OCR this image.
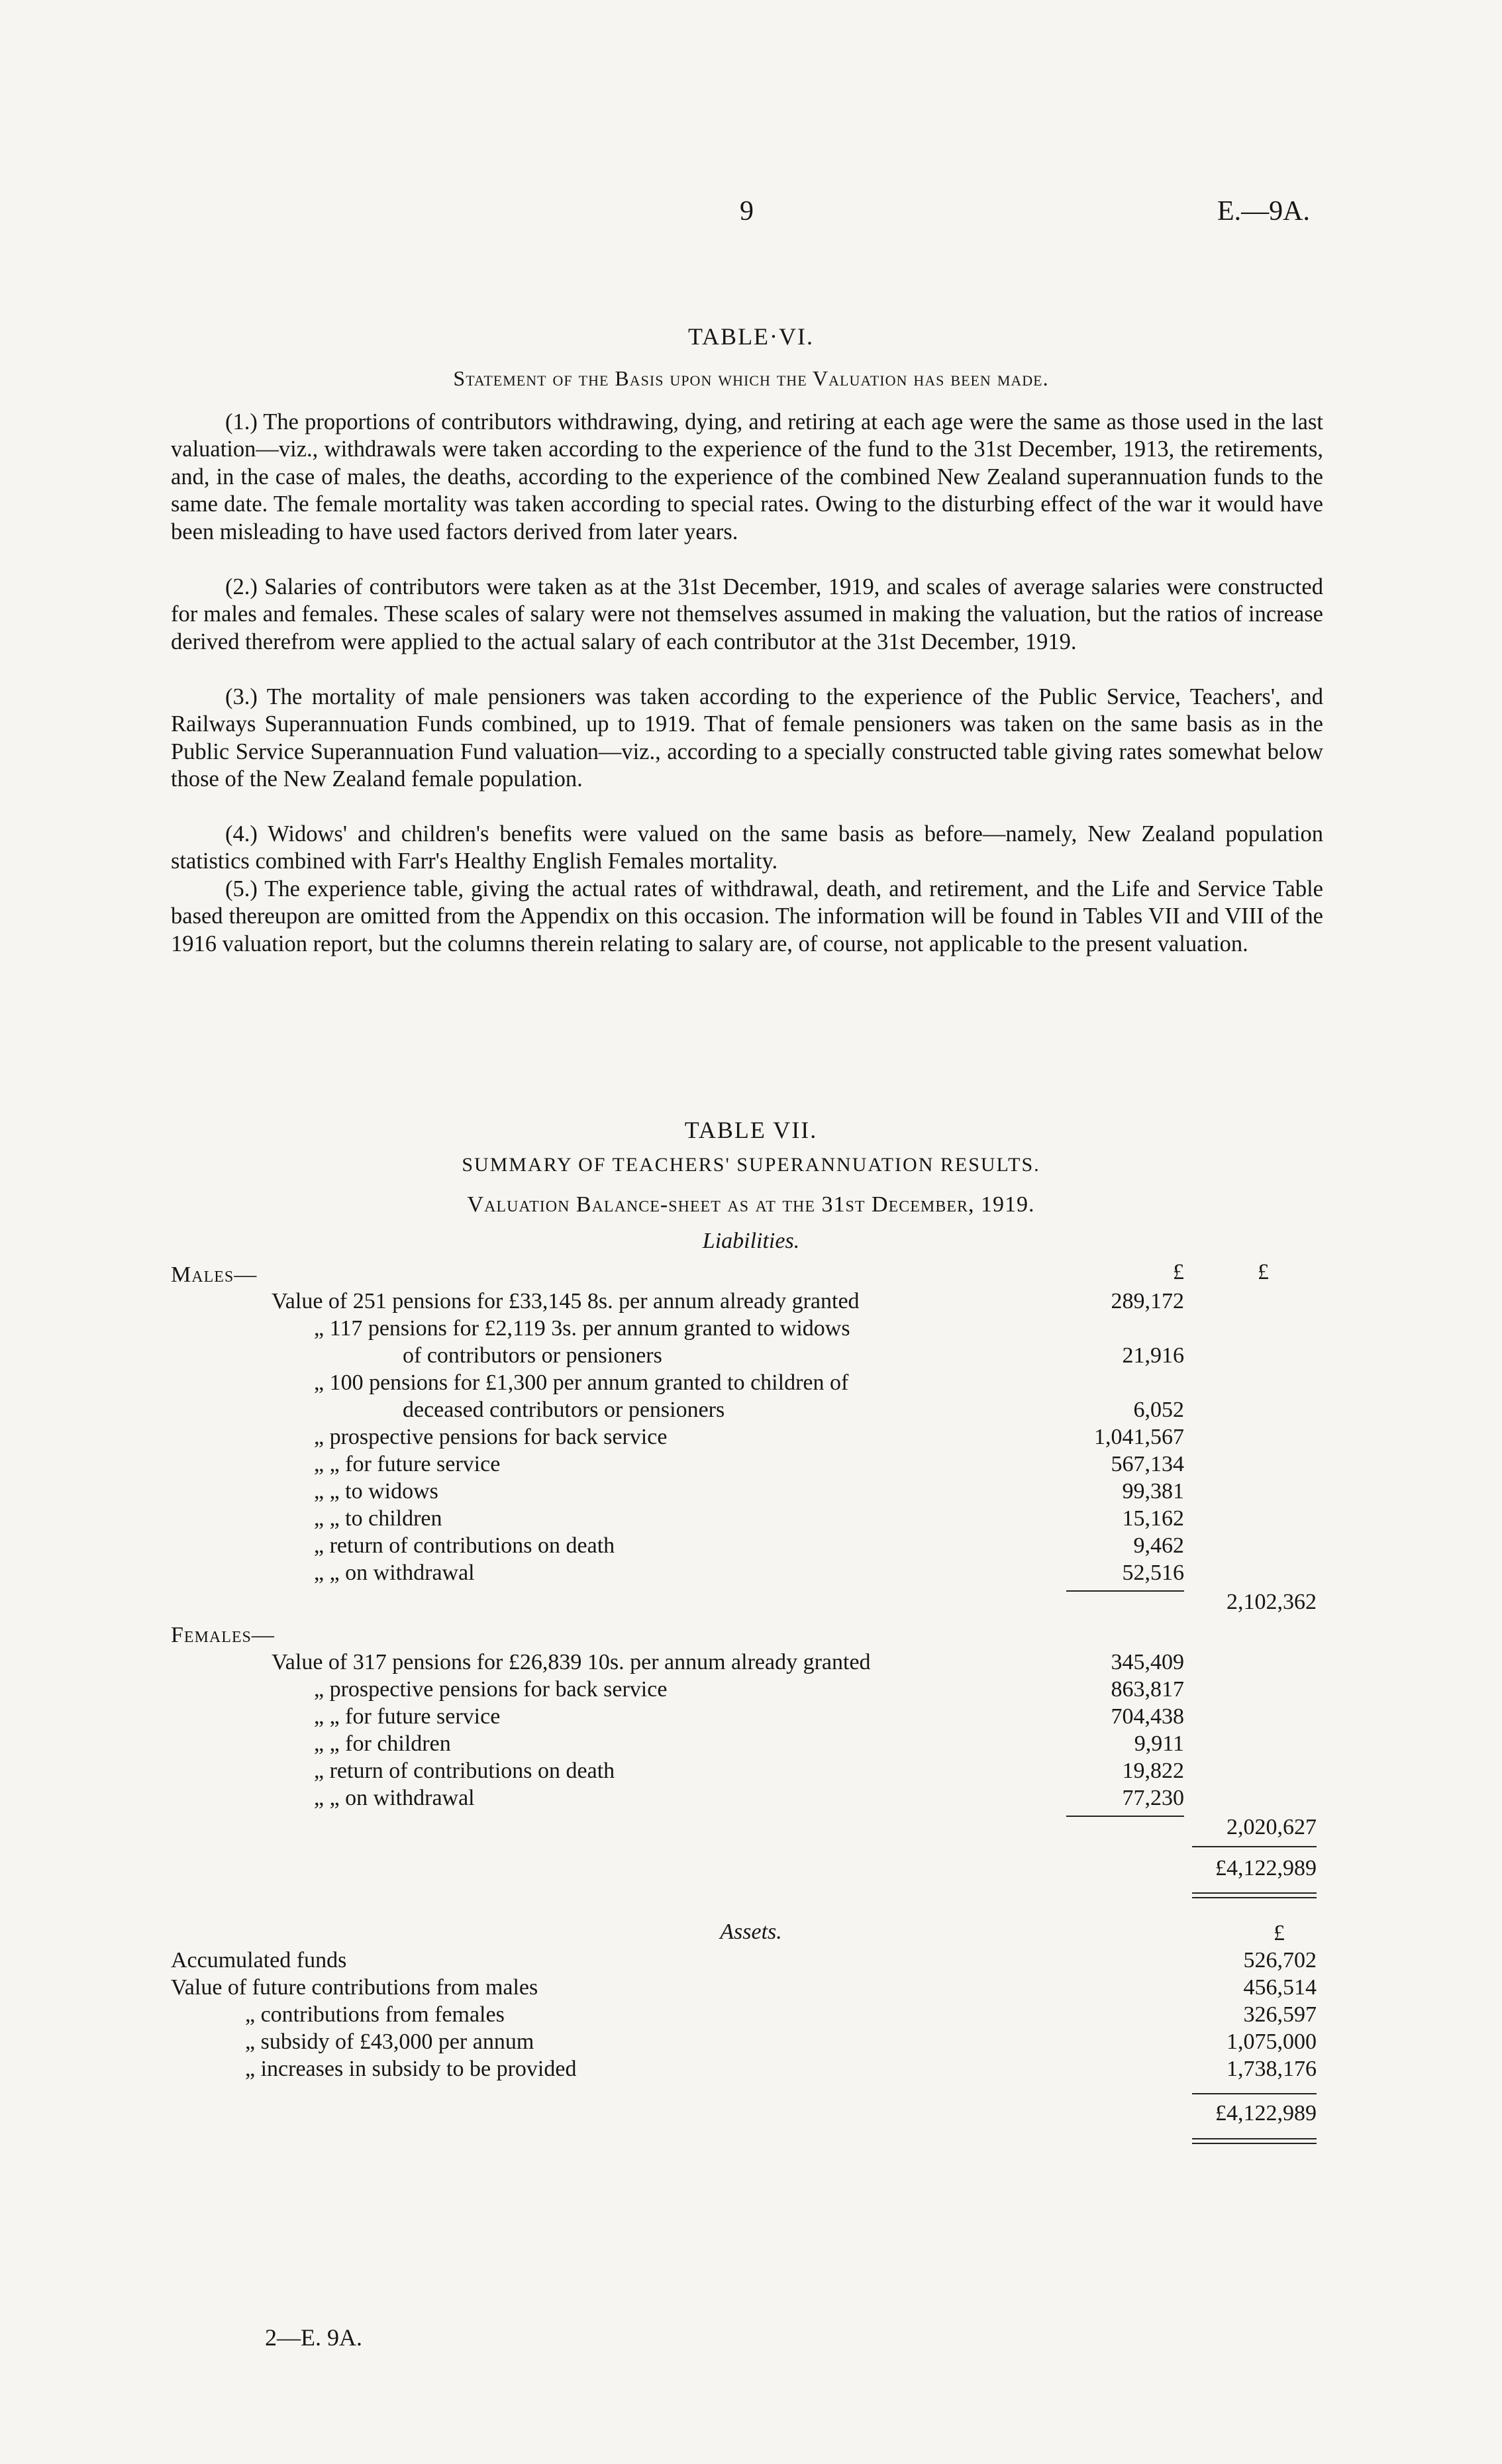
9	E.—9A.
TABLE·VI.
Statement of the Basis upon which the Valuation has been made.

(1.) The proportions of contributors withdrawing, dying, and retiring at each age were the same as those used in the last valuation—viz., withdrawals were taken according to the experience of the fund to the 31st December, 1913, the retirements, and, in the case of males, the deaths, according to the experience of the combined New Zealand superannuation funds to the same date. The female mortality was taken according to special rates. Owing to the disturbing effect of the war it would have been misleading to have used factors derived from later years.

(2.) Salaries of contributors were taken as at the 31st December, 1919, and scales of average salaries were constructed for males and females. These scales of salary were not themselves assumed in making the valuation, but the ratios of increase derived therefrom were applied to the actual salary of each contributor at the 31st December, 1919.

(3.) The mortality of male pensioners was taken according to the experience of the Public Service, Teachers', and Railways Superannuation Funds combined, up to 1919. That of female pensioners was taken on the same basis as in the Public Service Superannuation Fund valuation—viz., according to a specially constructed table giving rates somewhat below those of the New Zealand female population.

(4.) Widows' and children's benefits were valued on the same basis as before—namely, New Zealand population statistics combined with Farr's Healthy English Females mortality.

(5.) The experience table, giving the actual rates of withdrawal, death, and retirement, and the Life and Service Table based thereupon are omitted from the Appendix on this occasion. The information will be found in Tables VII and VIII of the 1916 valuation report, but the columns therein relating to salary are, of course, not applicable to the present valuation.

TABLE VII.
SUMMARY OF TEACHERS' SUPERANNUATION RESULTS.
Valuation Balance-sheet as at the 31st December, 1919.
Liabilities.
£	£
Males—
Value of 251 pensions for £33,145 8s. per annum already granted	289,172
„ 117 pensions for £2,119 3s. per annum granted to widows
of contributors or pensioners	21,916
„ 100 pensions for £1,300 per annum granted to children of
deceased contributors or pensioners	6,052
„ prospective pensions for back service	1,041,567
„ „ for future service	567,134
„ „ to widows	99,381
„ „ to children	15,162
„ return of contributions on death	9,462
„ „ on withdrawal	52,516
2,102,362
Females—
Value of 317 pensions for £26,839 10s. per annum already granted	345,409
„ prospective pensions for back service	863,817
„ „ for future service	704,438
„ „ for children	9,911
„ return of contributions on death	19,822
„ „ on withdrawal	77,230
2,020,627
£4,122,989
Assets.	£
Accumulated funds	526,702
Value of future contributions from males	456,514
„ contributions from females	326,597
„ subsidy of £43,000 per annum	1,075,000
„ increases in subsidy to be provided	1,738,176
£4,122,989
2—E. 9A.
